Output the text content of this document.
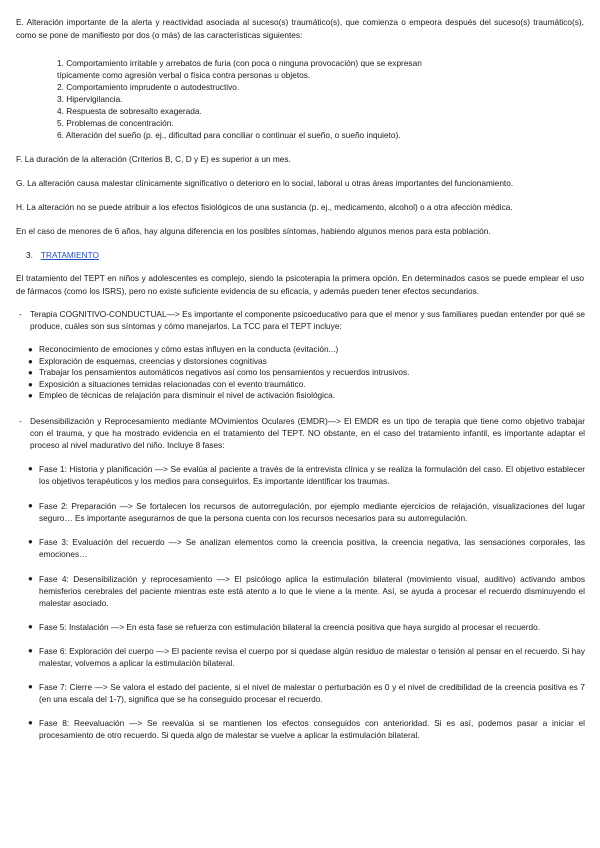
E. Alteración importante de la alerta y reactividad asociada al suceso(s) traumático(s), que comienza o empeora después del suceso(s) traumático(s), como se pone de manifiesto por dos (o más) de las características siguientes:

1. Comportamiento irritable y arrebatos de furia (con poca o ninguna provocación) que se expresan
típicamente como agresión verbal o física contra personas u objetos.
2. Comportamiento imprudente o autodestructivo.
3. Hipervigilancia.
4. Respuesta de sobresalto exagerada.
5. Problemas de concentración.
6. Alteración del sueño (p. ej., dificultad para conciliar o continuar el sueño, o sueño inquieto).

F. La duración de la alteración (Criterios B, C, D y E) es superior a un mes.

G. La alteración causa malestar clínicamente significativo o deterioro en lo social, laboral u otras áreas importantes del funcionamiento.

H. La alteración no se puede atribuir a los efectos fisiológicos de una sustancia (p. ej., medicamento, alcohol) o a otra afección médica.

En el caso de menores de 6 años, hay alguna diferencia en los posibles síntomas, habiendo algunos menos para esta población.

3. TRATAMIENTO

El tratamiento del TEPT en niños y adolescentes es complejo, siendo la psicoterapia la primera opción. En determinados casos se puede emplear el uso de fármacos (como los ISRS), pero no existe suficiente evidencia de su eficacia, y además pueden tener efectos secundarios.

- Terapia COGNITIVO-CONDUCTUAL—> Es importante el componente psicoeducativo para que el menor y sus familiares puedan entender por qué se produce, cuáles son sus síntomas y cómo manejarlos. La TCC para el TEPT incluye:

● Reconocimiento de emociones y cómo estas influyen en la conducta (evitación...)
● Exploración de esquemas, creencias y distorsiones cognitivas
● Trabajar los pensamientos automáticos negativos así como los pensamientos y recuerdos intrusivos.
● Exposición a situaciones temidas relacionadas con el evento traumático.
● Empleo de técnicas de relajación para disminuir el nivel de activación fisiológica.

- Desensibilización y Reprocesamiento mediante MOvimientos Oculares (EMDR)—> El EMDR es un tipo de terapia que tiene como objetivo trabajar con el trauma, y que ha mostrado evidencia en el tratamiento del TEPT. NO obstante, en el caso del tratamiento infantil, es importante adaptar el proceso al nivel madurativo del niño. Incluye 8 fases:

● Fase 1: Historia y planificación —> Se evalúa al paciente a través de la entrevista clínica y se realiza la formulación del caso. El objetivo establecer los objetivos terapéuticos y los medios para conseguirlos. Es importante identificar los traumas.

● Fase 2: Preparación —> Se fortalecen los recursos de autorregulación, por ejemplo mediante ejercicios de relajación, visualizaciones del lugar seguro… Es importante asegurarnos de que la persona cuenta con los recursos necesarios para su autorregulación.

● Fase 3: Evaluación del recuerdo —> Se analizan elementos como la creencia positiva, la creencia negativa, las sensaciones corporales, las emociones…

● Fase 4: Desensibilización y reprocesamiento —> El psicólogo aplica la estimulación bilateral (movimiento visual, auditivo) activando ambos hemisferios cerebrales del paciente mientras este está atento a lo que le viene a la mente. Así, se ayuda a procesar el recuerdo disminuyendo el malestar asociado.

● Fase 5: Instalación —> En esta fase se refuerza con estimulación bilateral la creencia positiva que haya surgido al procesar el recuerdo.

● Fase 6: Exploración del cuerpo —> El paciente revisa el cuerpo por si quedase algún residuo de malestar o tensión al pensar en el recuerdo. Si hay malestar, volvemos a aplicar la estimulación bilateral.

● Fase 7: Cierre —> Se valora el estado del paciente, si el nivel de malestar o perturbación es 0 y el nivel de credibilidad de la creencia positiva es 7 (en una escala del 1-7), significa que se ha conseguido procesar el recuerdo.

● Fase 8: Reevaluación —> Se reevalúa si se mantienen los efectos conseguidos con anterioridad. Si es así, podemos pasar a iniciar el procesamiento de otro recuerdo. Si queda algo de malestar se vuelve a aplicar la estimulación bilateral.
